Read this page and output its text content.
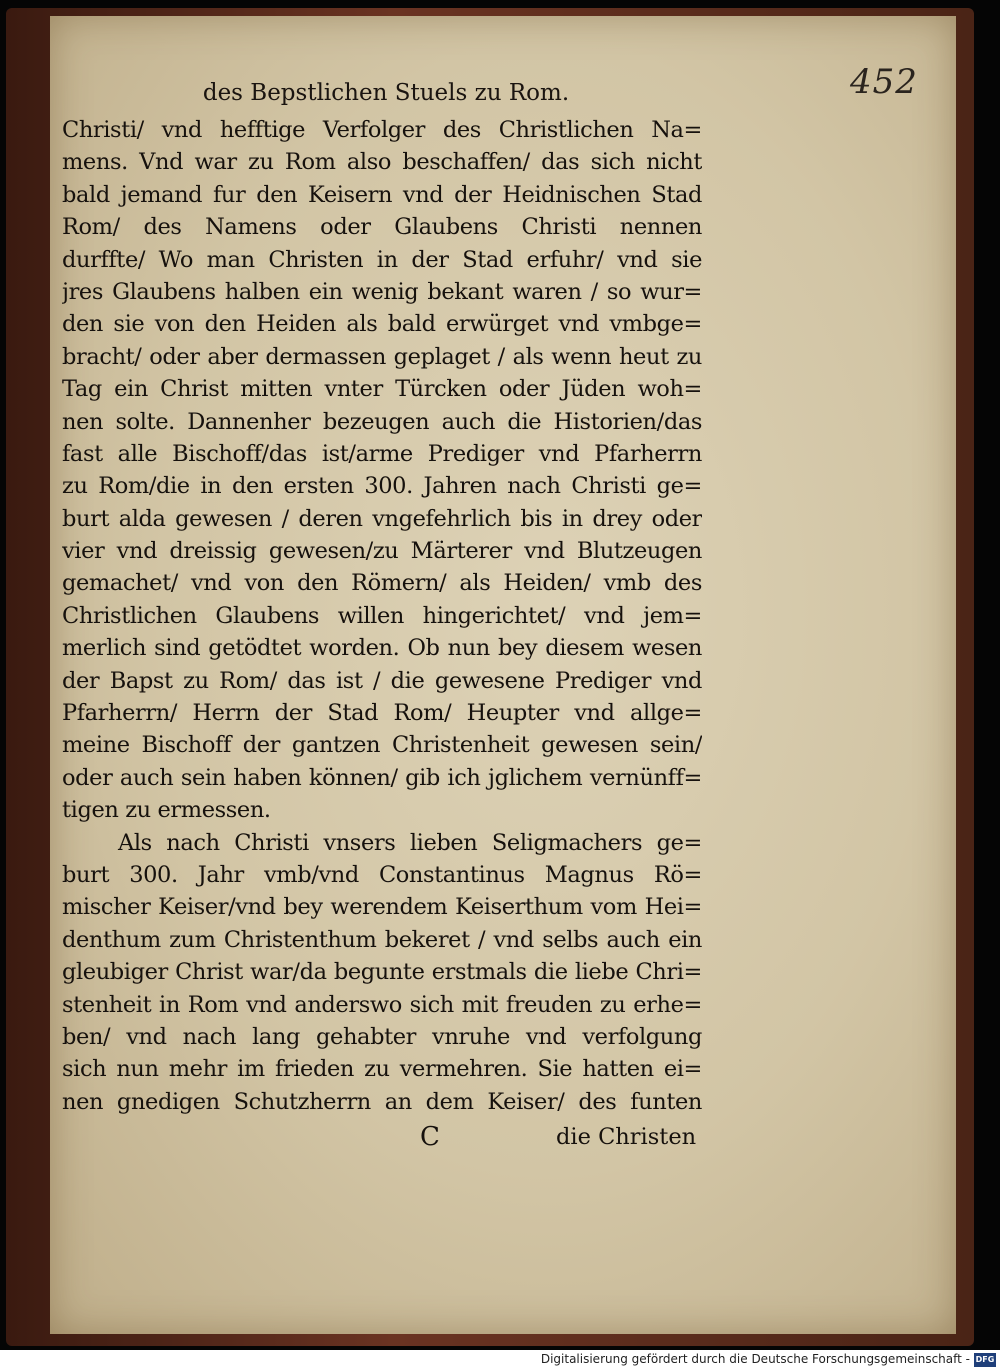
452
des Bepstlichen Stuels zu Rom.
Christi/ vnd hefftige Verfolger des Christlichen Na=
mens. Vnd war zu Rom also beschaffen/ das sich nicht
bald jemand fur den Keisern vnd der Heidnischen Stad
Rom/ des Namens oder Glaubens Christi nennen
durffte/ Wo man Christen in der Stad erfuhr/ vnd sie
jres Glaubens halben ein wenig bekant waren / so wur=
den sie von den Heiden als bald erwürget vnd vmbge=
bracht/ oder aber dermassen geplaget / als wenn heut zu
Tag ein Christ mitten vnter Türcken oder Jüden woh=
nen solte. Dannenher bezeugen auch die Historien/das
fast alle Bischoff/das ist/arme Prediger vnd Pfarherrn
zu Rom/die in den ersten 300. Jahren nach Christi ge=
burt alda gewesen / deren vngefehrlich bis in drey oder
vier vnd dreissig gewesen/zu Märterer vnd Blutzeugen
gemachet/ vnd von den Römern/ als Heiden/ vmb des
Christlichen Glaubens willen hingerichtet/ vnd jem=
merlich sind getödtet worden. Ob nun bey diesem wesen
der Bapst zu Rom/ das ist / die gewesene Prediger vnd
Pfarherrn/ Herrn der Stad Rom/ Heupter vnd allge=
meine Bischoff der gantzen Christenheit gewesen sein/
oder auch sein haben können/ gib ich jglichem vernünff=
tigen zu ermessen.
Als nach Christi vnsers lieben Seligmachers ge=
burt 300. Jahr vmb/vnd Constantinus Magnus Rö=
mischer Keiser/vnd bey werendem Keiserthum vom Hei=
denthum zum Christenthum bekeret / vnd selbs auch ein
gleubiger Christ war/da begunte erstmals die liebe Chri=
stenheit in Rom vnd anderswo sich mit freuden zu erhe=
ben/ vnd nach lang gehabter vnruhe vnd verfolgung
sich nun mehr im frieden zu vermehren. Sie hatten ei=
nen gnedigen Schutzherrn an dem Keiser/ des funten
C	die Christen
Digitalisierung gefördert durch die Deutsche Forschungsgemeinschaft - DFG
